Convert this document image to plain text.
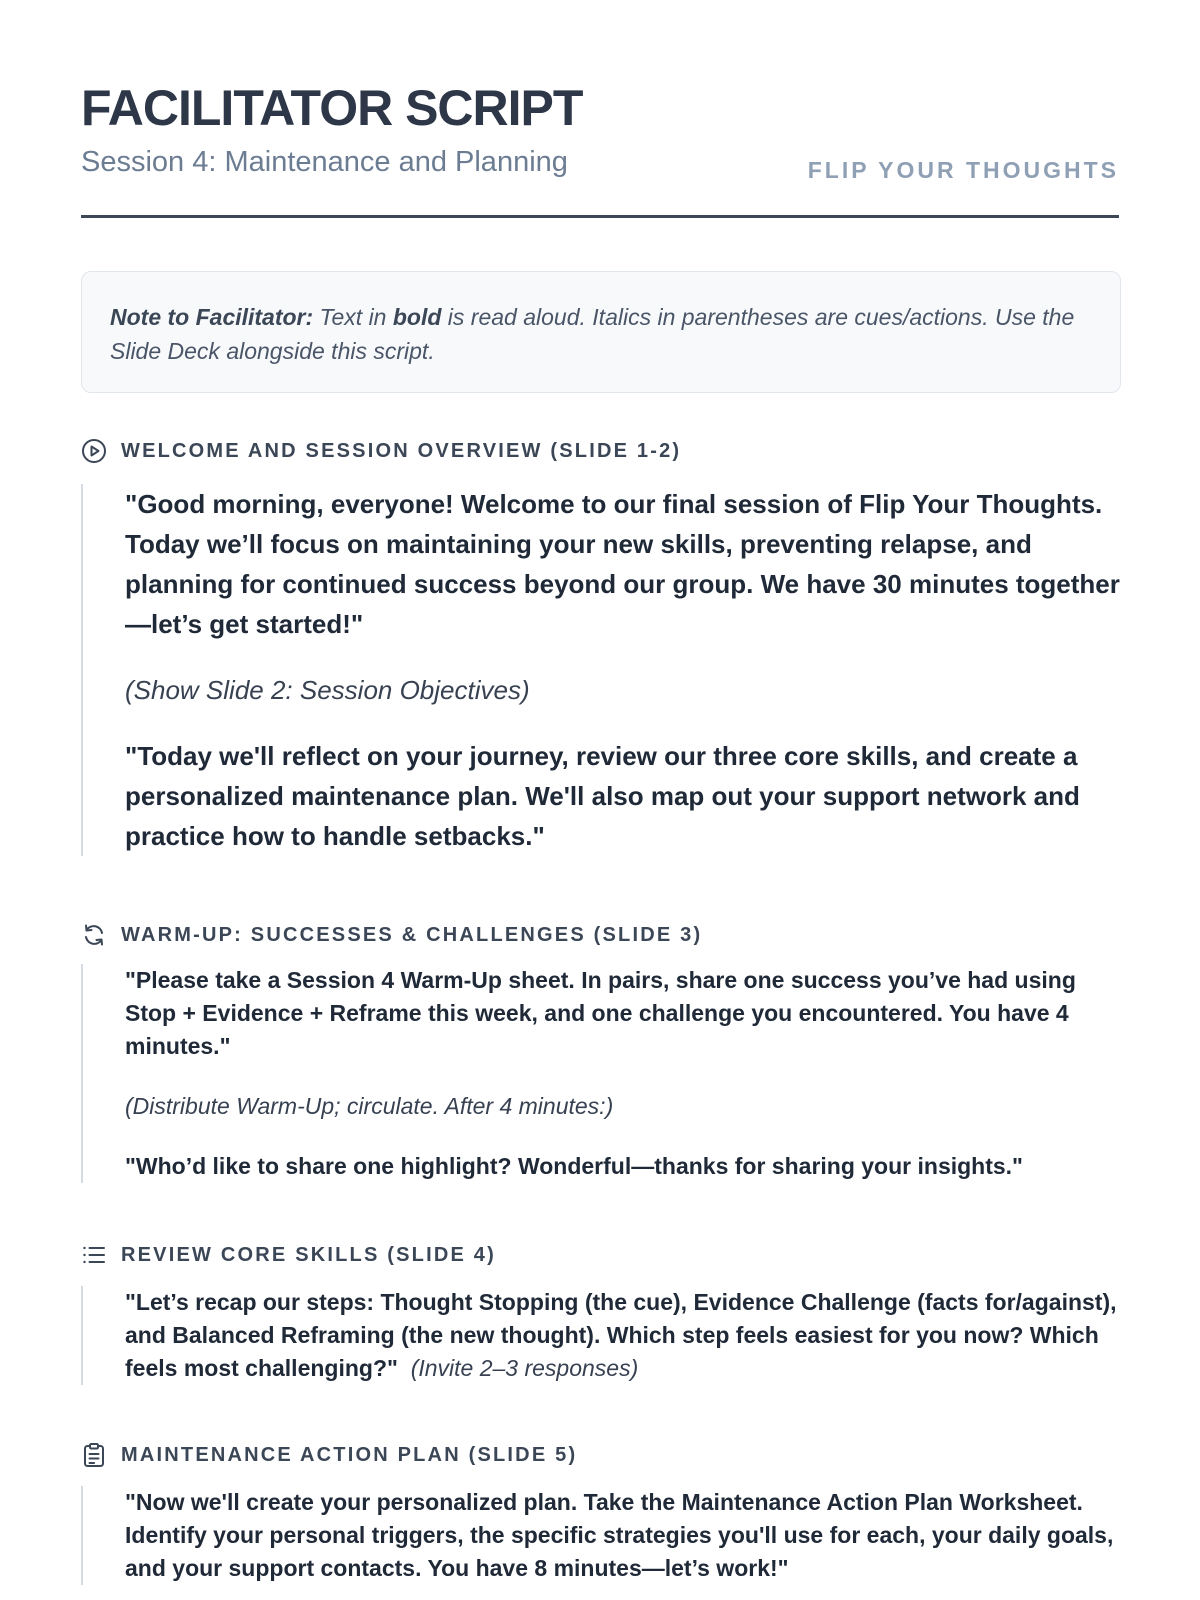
FACILITATOR SCRIPT
Session 4: Maintenance and Planning	FLIP YOUR THOUGHTS
Note to Facilitator: Text in bold is read aloud. Italics in parentheses are cues/actions. Use the Slide Deck alongside this script.
WELCOME AND SESSION OVERVIEW (SLIDE 1-2)

"Good morning, everyone! Welcome to our final session of Flip Your Thoughts. Today we’ll focus on maintaining your new skills, preventing relapse, and planning for continued success beyond our group. We have 30 minutes together—let’s get started!"

(Show Slide 2: Session Objectives)

"Today we'll reflect on your journey, review our three core skills, and create a personalized maintenance plan. We'll also map out your support network and practice how to handle setbacks."

WARM-UP: SUCCESSES & CHALLENGES (SLIDE 3)

"Please take a Session 4 Warm-Up sheet. In pairs, share one success you’ve had using Stop + Evidence + Reframe this week, and one challenge you encountered. You have 4 minutes."

(Distribute Warm-Up; circulate. After 4 minutes:)

"Who’d like to share one highlight? Wonderful—thanks for sharing your insights."

REVIEW CORE SKILLS (SLIDE 4)

"Let’s recap our steps: Thought Stopping (the cue), Evidence Challenge (facts for/against), and Balanced Reframing (the new thought). Which step feels easiest for you now? Which feels most challenging?" (Invite 2–3 responses)

MAINTENANCE ACTION PLAN (SLIDE 5)

"Now we'll create your personalized plan. Take the Maintenance Action Plan Worksheet. Identify your personal triggers, the specific strategies you'll use for each, your daily goals, and your support contacts. You have 8 minutes—let’s work!"
